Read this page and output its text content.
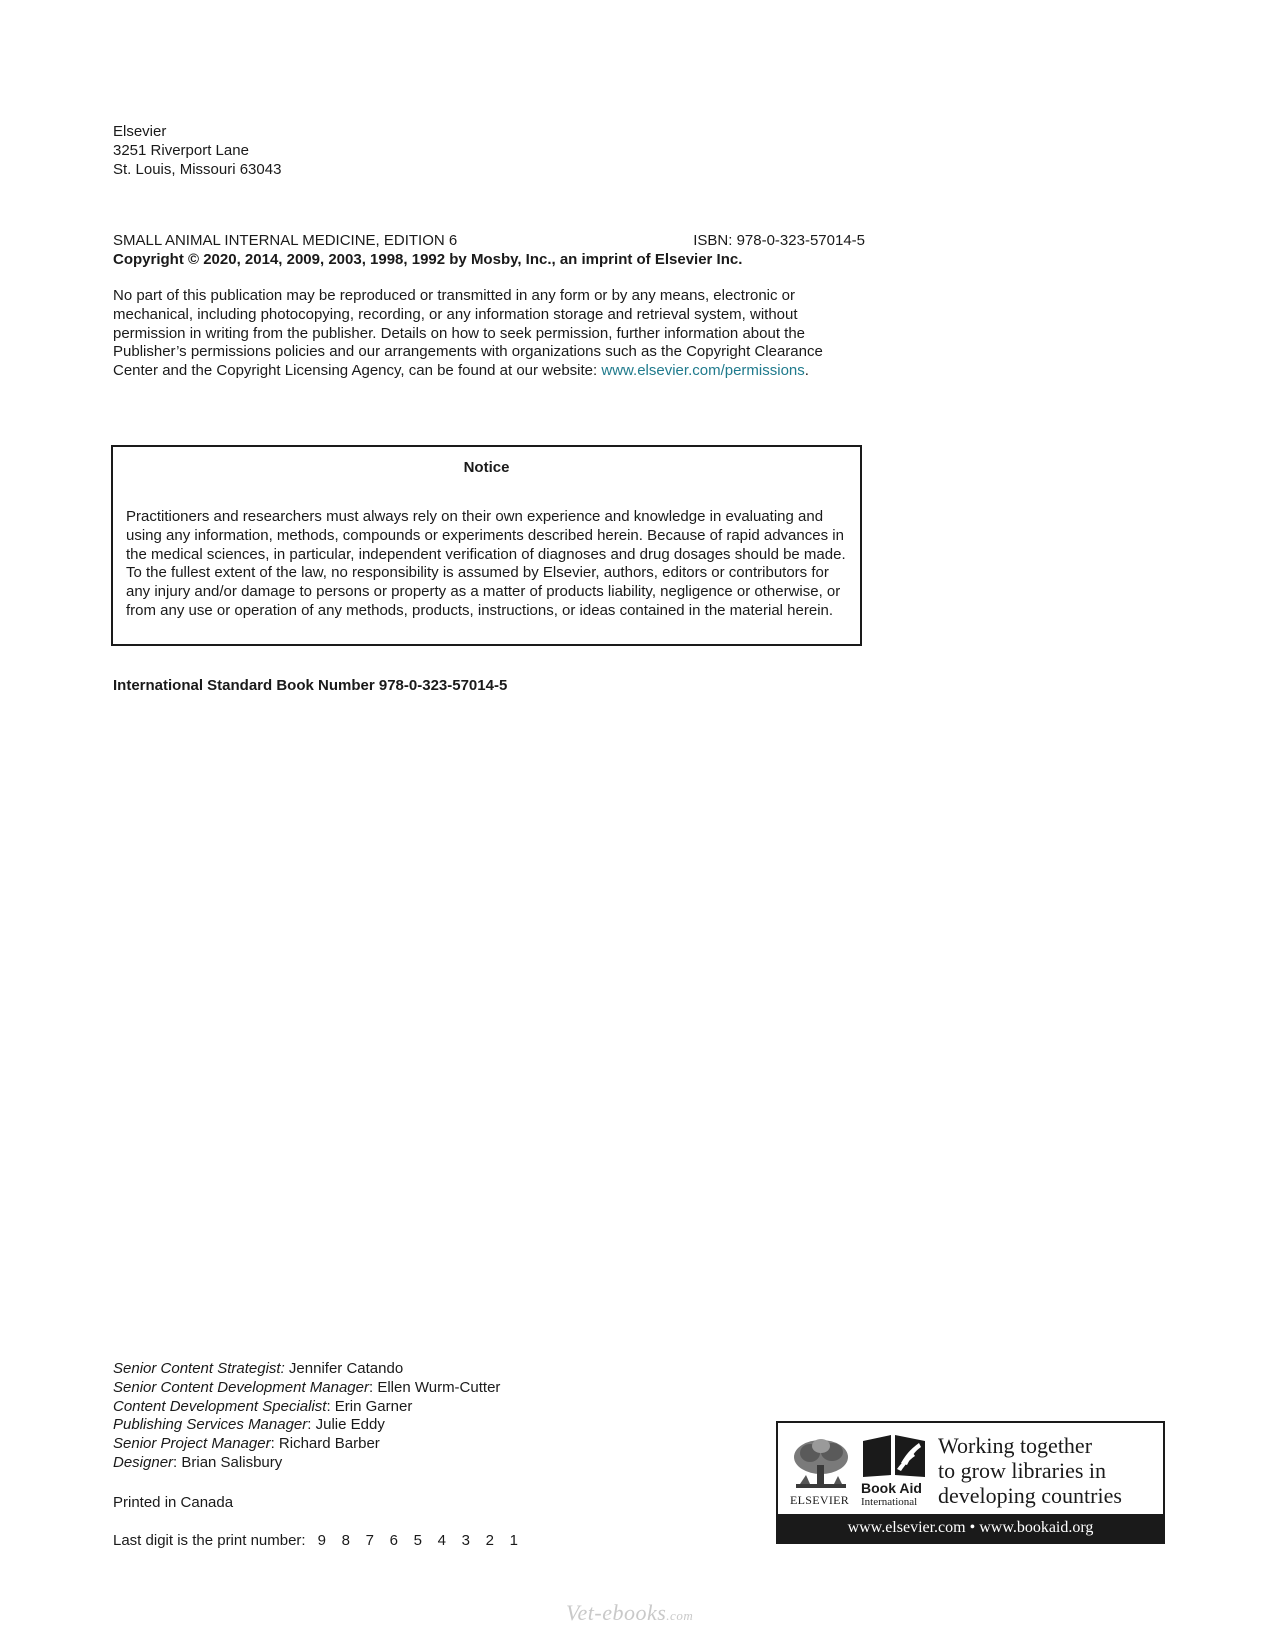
Elsevier
3251 Riverport Lane
St. Louis, Missouri 63043
SMALL ANIMAL INTERNAL MEDICINE, EDITION 6	ISBN: 978-0-323-57014-5
Copyright © 2020, 2014, 2009, 2003, 1998, 1992 by Mosby, Inc., an imprint of Elsevier Inc.
No part of this publication may be reproduced or transmitted in any form or by any means, electronic or mechanical, including photocopying, recording, or any information storage and retrieval system, without permission in writing from the publisher. Details on how to seek permission, further information about the Publisher’s permissions policies and our arrangements with organizations such as the Copyright Clearance Center and the Copyright Licensing Agency, can be found at our website: www.elsevier.com/permissions.
Notice
Practitioners and researchers must always rely on their own experience and knowledge in evaluating and using any information, methods, compounds or experiments described herein. Because of rapid advances in the medical sciences, in particular, independent verification of diagnoses and drug dosages should be made. To the fullest extent of the law, no responsibility is assumed by Elsevier, authors, editors or contributors for any injury and/or damage to persons or property as a matter of products liability, negligence or otherwise, or from any use or operation of any methods, products, instructions, or ideas contained in the material herein.
International Standard Book Number 978-0-323-57014-5
Senior Content Strategist: Jennifer Catando
Senior Content Development Manager: Ellen Wurm-Cutter
Content Development Specialist: Erin Garner
Publishing Services Manager: Julie Eddy
Senior Project Manager: Richard Barber
Designer: Brian Salisbury
Printed in Canada
Last digit is the print number: 9 8 7 6 5 4 3 2 1
ELSEVIER
Book Aid
International
Working together
to grow libraries in
developing countries
www.elsevier.com • www.bookaid.org
Vet-ebooks.com
